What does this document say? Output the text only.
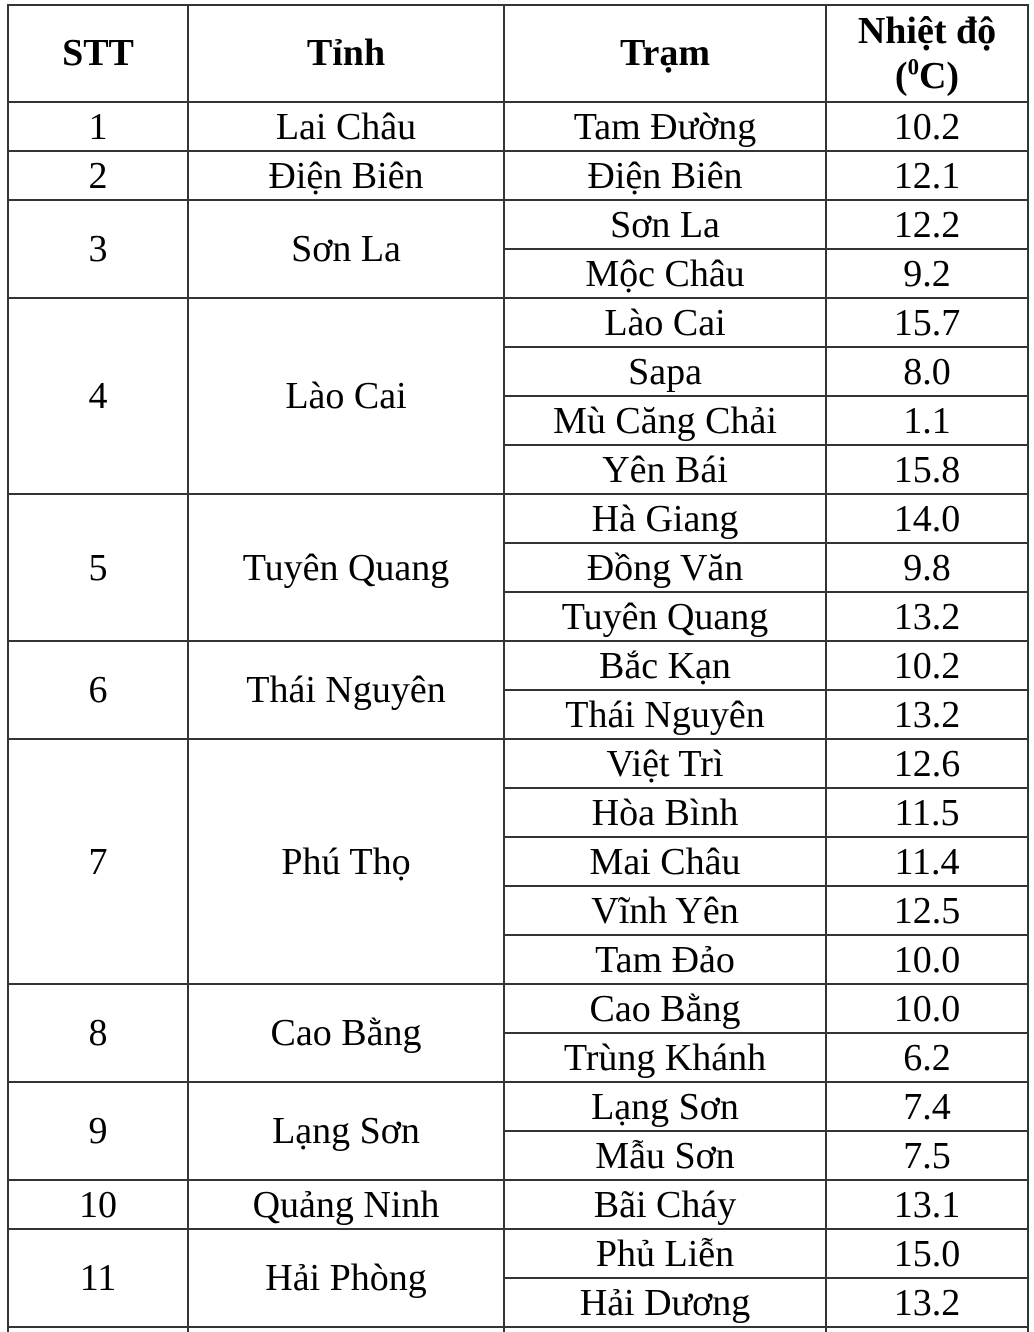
STT	Tỉnh	Trạm	Nhiệt độ
($^0$C)
1	Lai Châu	Tam Đường	10.2
2	Điện Biên	Điện Biên	12.1
3	Sơn La	Sơn La	12.2
		Mộc Châu	9.2
4	Lào Cai	Lào Cai	15.7
		Sapa	8.0
		Mù Căng Chải	1.1
		Yên Bái	15.8
5	Tuyên Quang	Hà Giang	14.0
		Đồng Văn	9.8
		Tuyên Quang	13.2
6	Thái Nguyên	Bắc Kạn	10.2
		Thái Nguyên	13.2
7	Phú Thọ	Việt Trì	12.6
		Hòa Bình	11.5
		Mai Châu	11.4
		Vĩnh Yên	12.5
		Tam Đảo	10.0
8	Cao Bằng	Cao Bằng	10.0
		Trùng Khánh	6.2
9	Lạng Sơn	Lạng Sơn	7.4
		Mẫu Sơn	7.5
10	Quảng Ninh	Bãi Cháy	13.1
11	Hải Phòng	Phủ Liễn	15.0
		Hải Dương	13.2
